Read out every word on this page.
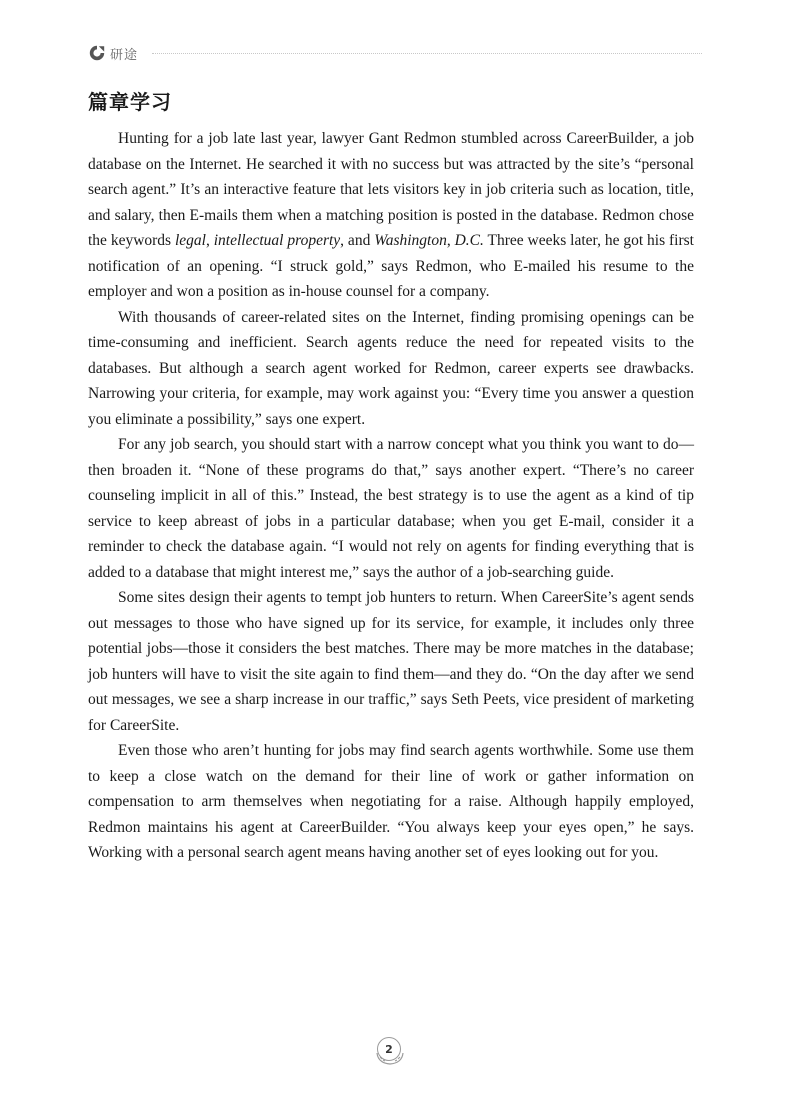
研途
篇章学习

Hunting for a job late last year, lawyer Gant Redmon stumbled across CareerBuilder, a job database on the Internet. He searched it with no success but was attracted by the site’s “personal search agent.” It’s an interactive feature that lets visitors key in job criteria such as location, title, and salary, then E-mails them when a matching position is posted in the database. Redmon chose the keywords legal, intellectual property, and Washington, D.C. Three weeks later, he got his first notification of an opening. “I struck gold,” says Redmon, who E-mailed his resume to the employer and won a position as in-house counsel for a company.

With thousands of career-related sites on the Internet, finding promising openings can be time-consuming and inefficient. Search agents reduce the need for repeated visits to the databases. But although a search agent worked for Redmon, career experts see drawbacks. Narrowing your criteria, for example, may work against you: “Every time you answer a question you eliminate a possibility,” says one expert.

For any job search, you should start with a narrow concept what you think you want to do—then broaden it. “None of these programs do that,” says another expert. “There’s no career counseling implicit in all of this.” Instead, the best strategy is to use the agent as a kind of tip service to keep abreast of jobs in a particular database; when you get E-mail, consider it a reminder to check the database again. “I would not rely on agents for finding everything that is added to a database that might interest me,” says the author of a job-searching guide.

Some sites design their agents to tempt job hunters to return. When CareerSite’s agent sends out messages to those who have signed up for its service, for example, it includes only three potential jobs—those it considers the best matches. There may be more matches in the database; job hunters will have to visit the site again to find them—and they do. “On the day after we send out messages, we see a sharp increase in our traffic,” says Seth Peets, vice president of marketing for CareerSite.

Even those who aren’t hunting for jobs may find search agents worthwhile. Some use them to keep a close watch on the demand for their line of work or gather information on compensation to arm themselves when negotiating for a raise. Although happily employed, Redmon maintains his agent at CareerBuilder. “You always keep your eyes open,” he says. Working with a personal search agent means having another set of eyes looking out for you.

2
